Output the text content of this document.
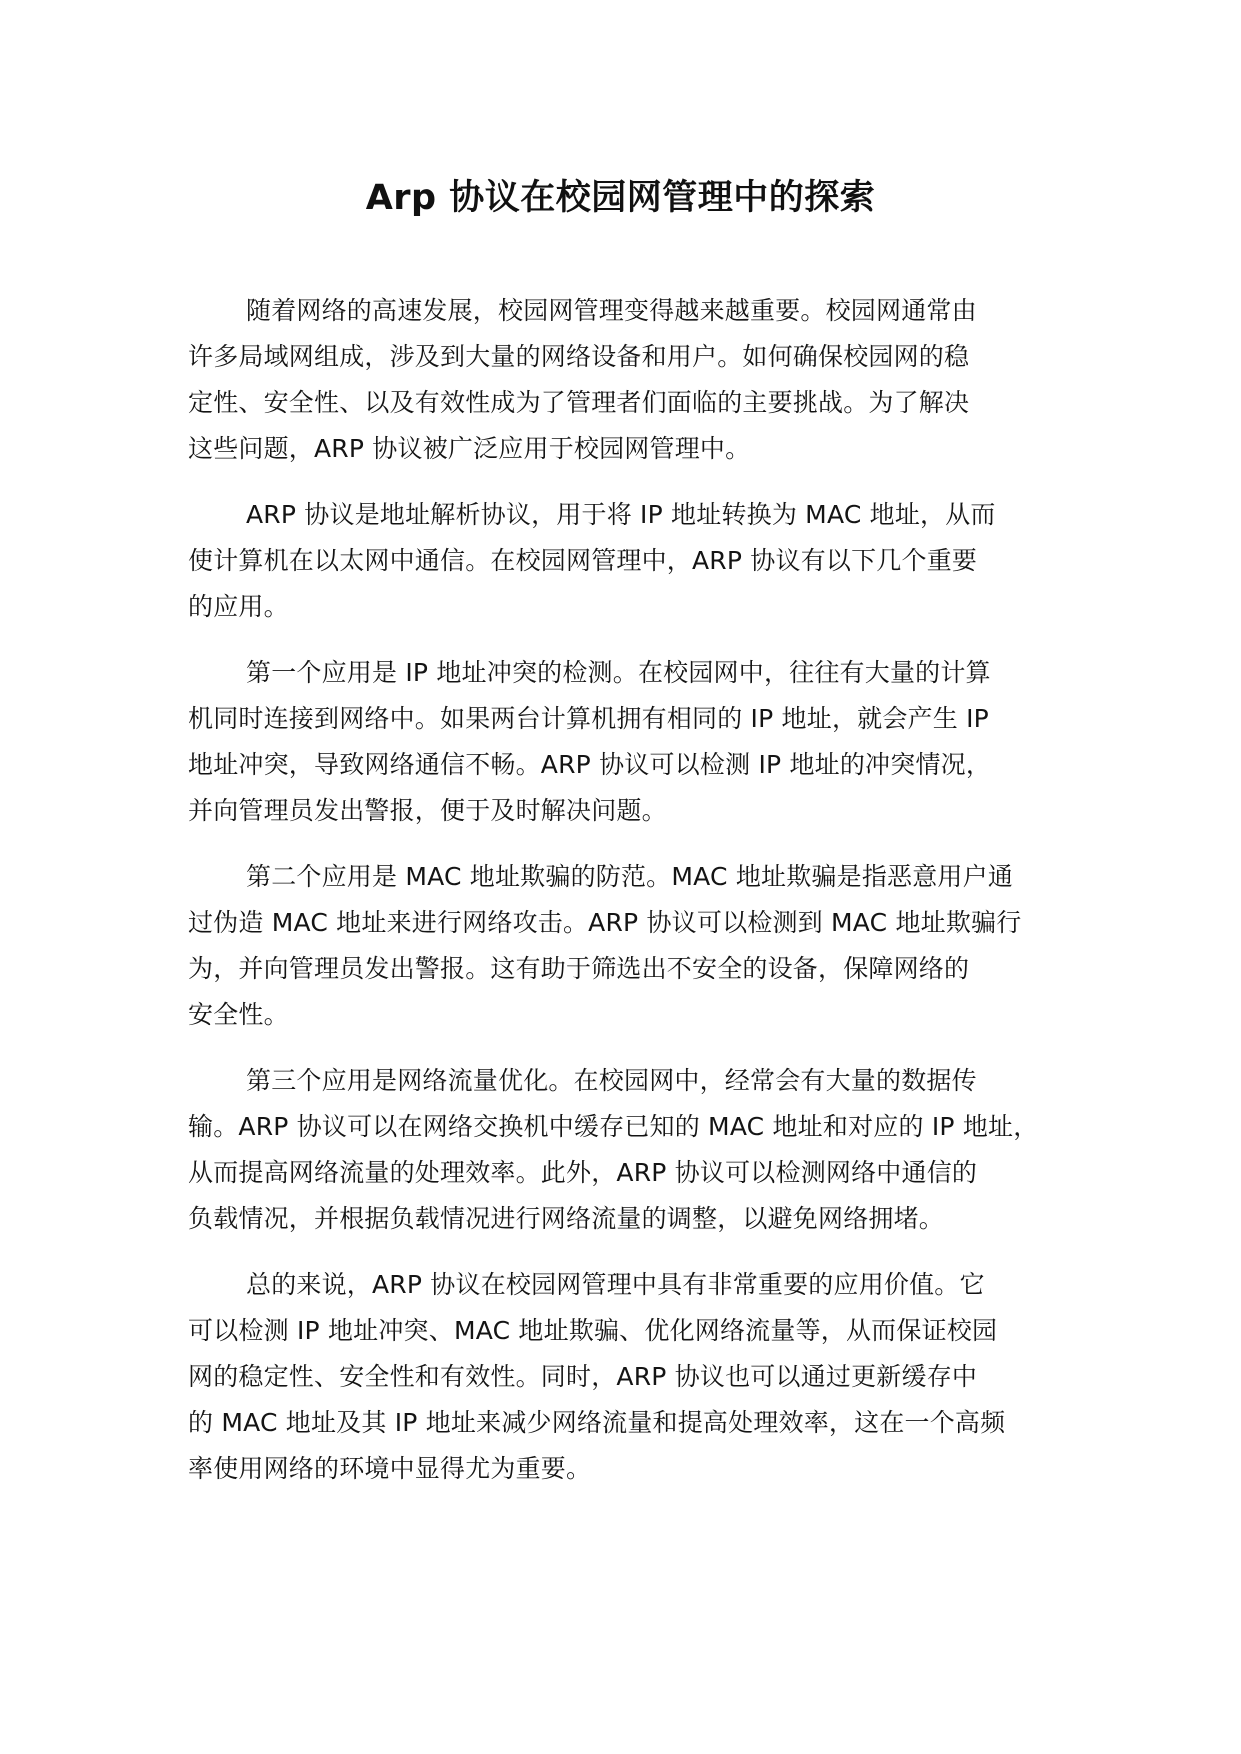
Arp 协议在校园网管理中的探索

随着网络的高速发展，校园网管理变得越来越重要。校园网通常由
许多局域网组成，涉及到大量的网络设备和用户。如何确保校园网的稳
定性、安全性、以及有效性成为了管理者们面临的主要挑战。为了解决
这些问题，ARP 协议被广泛应用于校园网管理中。

ARP 协议是地址解析协议，用于将 IP 地址转换为 MAC 地址，从而
使计算机在以太网中通信。在校园网管理中，ARP 协议有以下几个重要
的应用。

第一个应用是 IP 地址冲突的检测。在校园网中，往往有大量的计算
机同时连接到网络中。如果两台计算机拥有相同的 IP 地址，就会产生 IP
地址冲突，导致网络通信不畅。ARP 协议可以检测 IP 地址的冲突情况，
并向管理员发出警报，便于及时解决问题。

第二个应用是 MAC 地址欺骗的防范。MAC 地址欺骗是指恶意用户通
过伪造 MAC 地址来进行网络攻击。ARP 协议可以检测到 MAC 地址欺骗行
为，并向管理员发出警报。这有助于筛选出不安全的设备，保障网络的
安全性。

第三个应用是网络流量优化。在校园网中，经常会有大量的数据传
输。ARP 协议可以在网络交换机中缓存已知的 MAC 地址和对应的 IP 地址，
从而提高网络流量的处理效率。此外，ARP 协议可以检测网络中通信的
负载情况，并根据负载情况进行网络流量的调整，以避免网络拥堵。

总的来说，ARP 协议在校园网管理中具有非常重要的应用价值。它
可以检测 IP 地址冲突、MAC 地址欺骗、优化网络流量等，从而保证校园
网的稳定性、安全性和有效性。同时，ARP 协议也可以通过更新缓存中
的 MAC 地址及其 IP 地址来减少网络流量和提高处理效率，这在一个高频
率使用网络的环境中显得尤为重要。
